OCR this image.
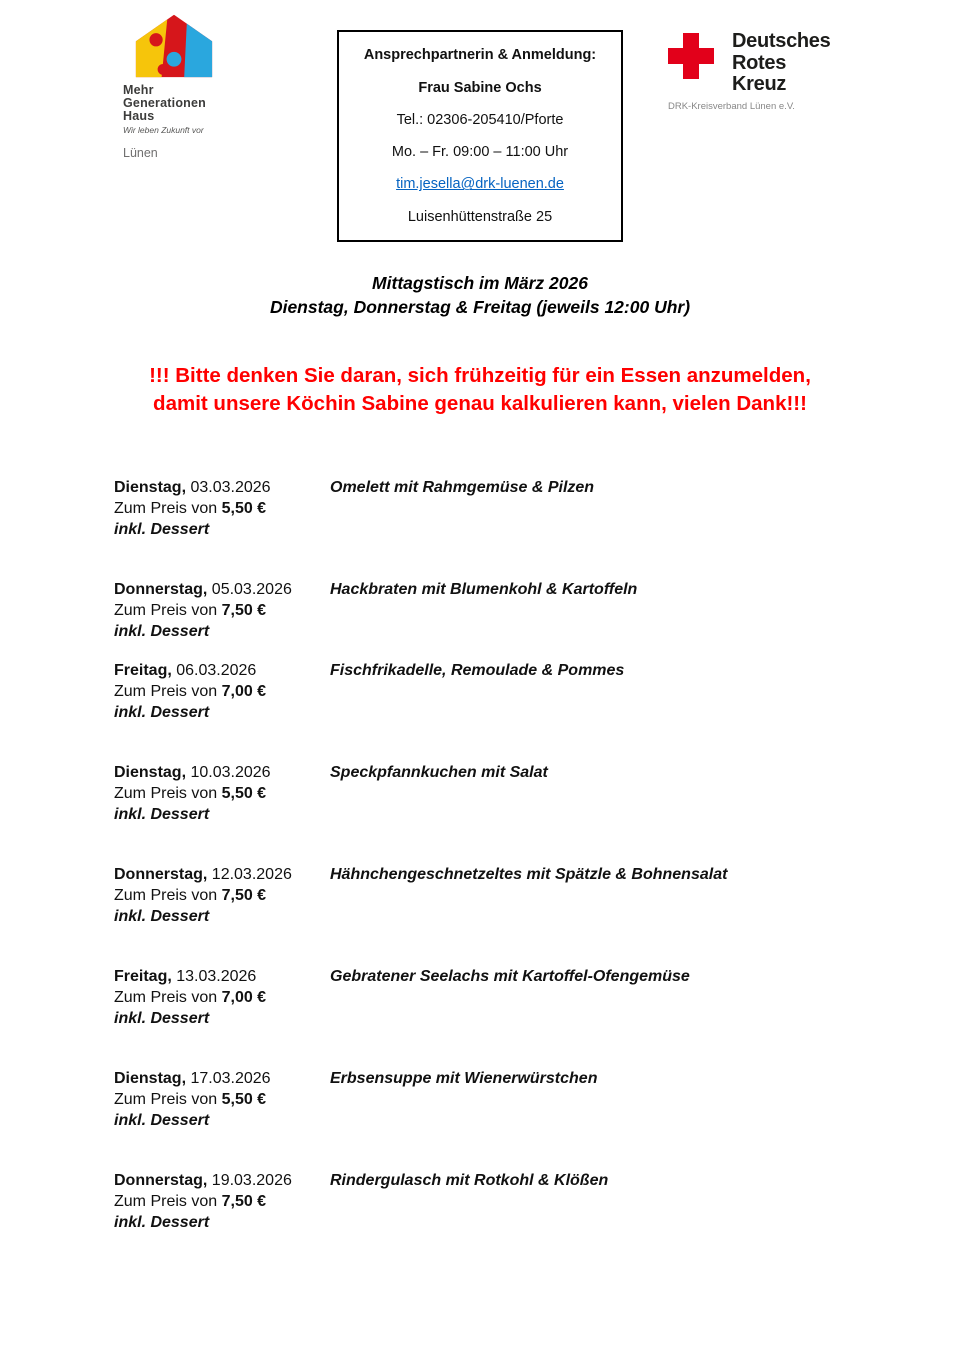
Mehr
Generationen
Haus
Wir leben Zukunft vor
Lünen
Ansprechpartnerin & Anmeldung:
Frau Sabine Ochs
Tel.: 02306-205410/Pforte
Mo. – Fr. 09:00 – 11:00 Uhr
tim.jesella@drk-luenen.de
Luisenhüttenstraße 25
Deutsches
Rotes
Kreuz
DRK-Kreisverband Lünen e.V.
Mittagstisch im März 2026
Dienstag, Donnerstag & Freitag (jeweils 12:00 Uhr)
!!! Bitte denken Sie daran, sich frühzeitig für ein Essen anzumelden,
damit unsere Köchin Sabine genau kalkulieren kann, vielen Dank!!!
Dienstag, 03.03.2026
Zum Preis von 5,50 €
inkl. Dessert
Omelett mit Rahmgemüse & Pilzen
Donnerstag, 05.03.2026
Zum Preis von 7,50 €
inkl. Dessert
Hackbraten mit Blumenkohl & Kartoffeln
Freitag, 06.03.2026
Zum Preis von 7,00 €
inkl. Dessert
Fischfrikadelle, Remoulade & Pommes
Dienstag, 10.03.2026
Zum Preis von 5,50 €
inkl. Dessert
Speckpfannkuchen mit Salat
Donnerstag, 12.03.2026
Zum Preis von 7,50 €
inkl. Dessert
Hähnchengeschnetzeltes mit Spätzle & Bohnensalat
Freitag, 13.03.2026
Zum Preis von 7,00 €
inkl. Dessert
Gebratener Seelachs mit Kartoffel-Ofengemüse
Dienstag, 17.03.2026
Zum Preis von 5,50 €
inkl. Dessert
Erbsensuppe mit Wienerwürstchen
Donnerstag, 19.03.2026
Zum Preis von 7,50 €
inkl. Dessert
Rindergulasch mit Rotkohl & Klößen
